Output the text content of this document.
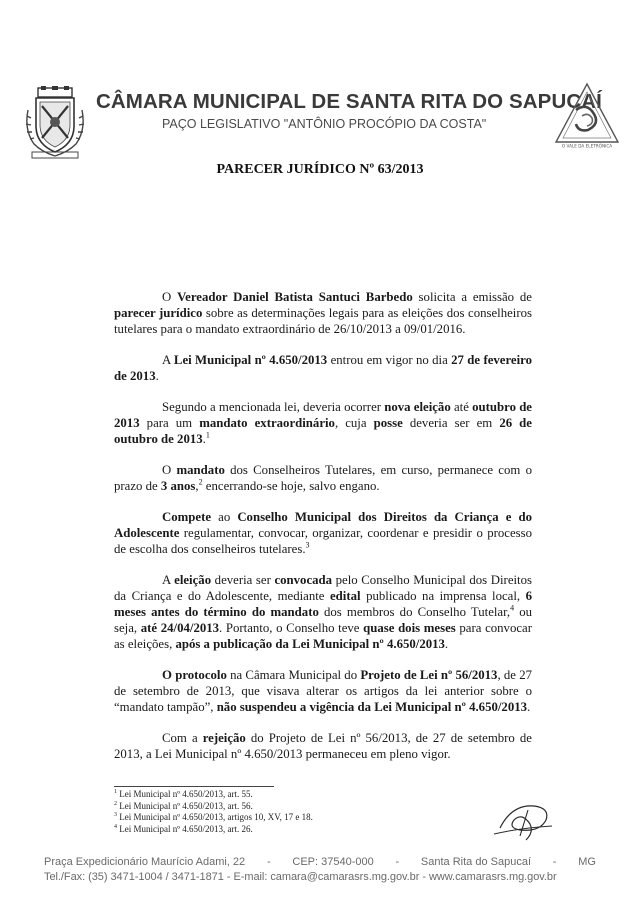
CÂMARA MUNICIPAL DE SANTA RITA DO SAPUCAÍ
PAÇO LEGISLATIVO "ANTÔNIO PROCÓPIO DA COSTA"
O VALE DA ELETRÔNICA
PARECER JURÍDICO Nº 63/2013

O Vereador Daniel Batista Santuci Barbedo solicita a emissão de parecer jurídico sobre as determinações legais para as eleições dos conselheiros tutelares para o mandato extraordinário de 26/10/2013 a 09/01/2016.

A Lei Municipal nº 4.650/2013 entrou em vigor no dia 27 de fevereiro de 2013.

Segundo a mencionada lei, deveria ocorrer nova eleição até outubro de 2013 para um mandato extraordinário, cuja posse deveria ser em 26 de outubro de 2013.$^1$

O mandato dos Conselheiros Tutelares, em curso, permanece com o prazo de 3 anos,$^2$ encerrando-se hoje, salvo engano.

Compete ao Conselho Municipal dos Direitos da Criança e do Adolescente regulamentar, convocar, organizar, coordenar e presidir o processo de escolha dos conselheiros tutelares.$^3$

A eleição deveria ser convocada pelo Conselho Municipal dos Direitos da Criança e do Adolescente, mediante edital publicado na imprensa local, 6 meses antes do término do mandato dos membros do Conselho Tutelar,$^4$ ou seja, até 24/04/2013. Portanto, o Conselho teve quase dois meses para convocar as eleições, após a publicação da Lei Municipal nº 4.650/2013.

O protocolo na Câmara Municipal do Projeto de Lei nº 56/2013, de 27 de setembro de 2013, que visava alterar os artigos da lei anterior sobre o “mandato tampão”, não suspendeu a vigência da Lei Municipal nº 4.650/2013.

Com a rejeição do Projeto de Lei nº 56/2013, de 27 de setembro de 2013, a Lei Municipal nº 4.650/2013 permaneceu em pleno vigor.

$^1$ Lei Municipal nº 4.650/2013, art. 55.
$^2$ Lei Municipal nº 4.650/2013, art. 56.
$^3$ Lei Municipal nº 4.650/2013, artigos 10, XV, 17 e 18.
$^4$ Lei Municipal nº 4.650/2013, art. 26.
Praça Expedicionário Maurício Adami, 22 - CEP: 37540-000 - Santa Rita do Sapucaí - MG
Tel./Fax: (35) 3471-1004 / 3471-1871 - E-mail: camara@camarasrs.mg.gov.br - www.camarasrs.mg.gov.br
